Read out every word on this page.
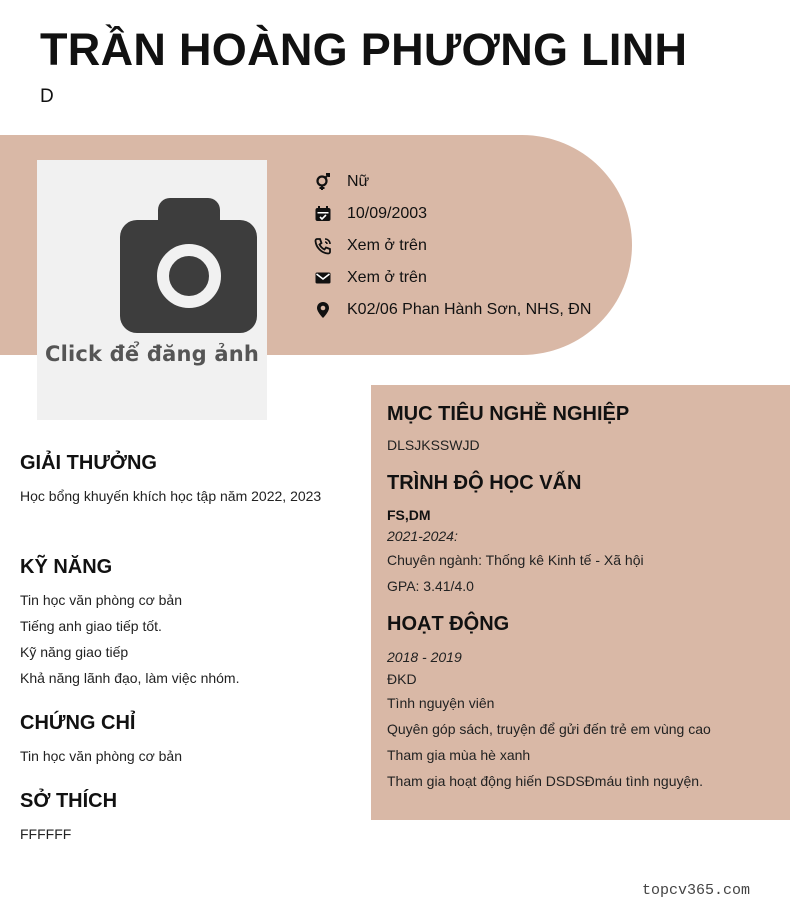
TRẦN HOÀNG PHƯƠNG LINH
D
Click để đăng ảnh
Nữ
10/09/2003
Xem ở trên
Xem ở trên
K02/06 Phan Hành Sơn, NHS, ĐN
GIẢI THƯỞNG
Học bổng khuyến khích học tập năm 2022, 2023
KỸ NĂNG
Tin học văn phòng cơ bản
Tiếng anh giao tiếp tốt.
Kỹ năng giao tiếp
Khả năng lãnh đạo, làm việc nhóm.
CHỨNG CHỈ
Tin học văn phòng cơ bản
SỞ THÍCH
FFFFFF
MỤC TIÊU NGHỀ NGHIỆP
DLSJKSSWJD
TRÌNH ĐỘ HỌC VẤN
FS,DM
2021-2024:
Chuyên ngành: Thống kê Kinh tế - Xã hội
GPA: 3.41/4.0
HOẠT ĐỘNG
2018 - 2019
ĐKD
Tình nguyện viên
Quyên góp sách, truyện để gửi đến trẻ em vùng cao
Tham gia mùa hè xanh
Tham gia hoạt động hiến DSDSĐmáu tình nguyện.
topcv365.com
